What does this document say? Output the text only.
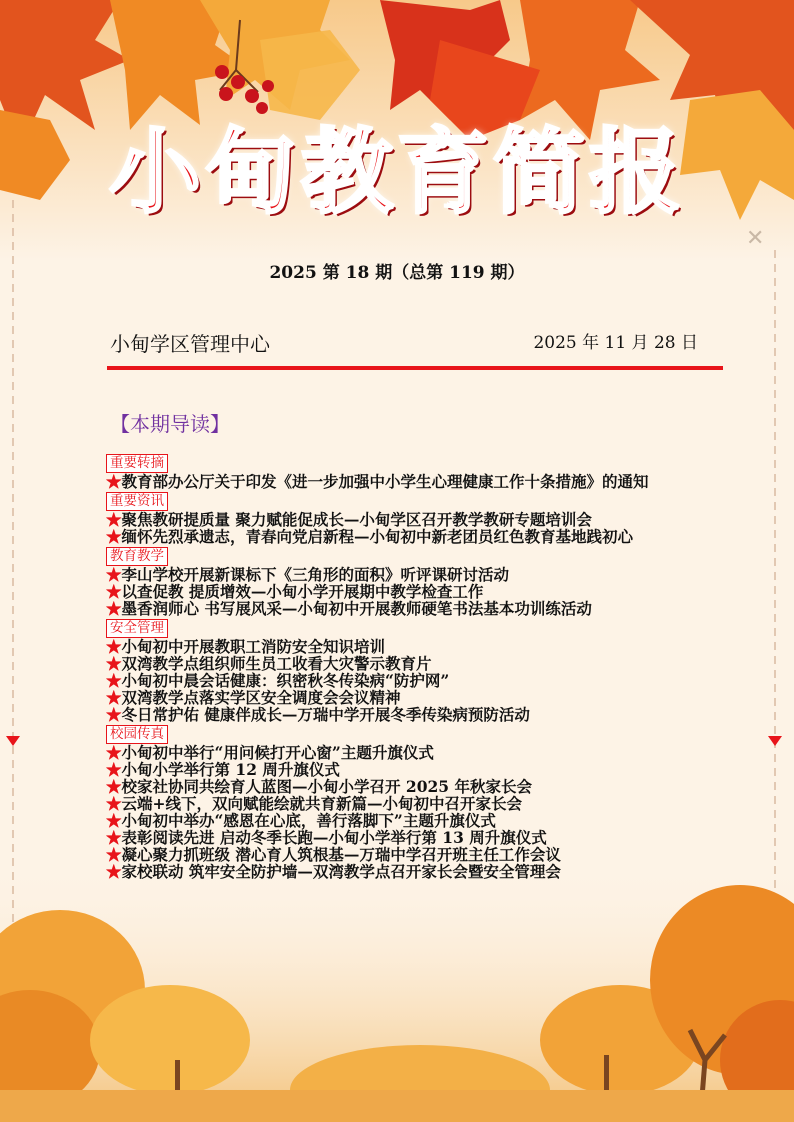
小甸教育简报
✕
2025 第 18 期（总第 119 期）
小甸学区管理中心	2025 年 11 月 28 日
【本期导读】
重要转摘
★教育部办公厅关于印发《进一步加强中小学生心理健康工作十条措施》的通知
重要资讯
★聚焦教研提质量 聚力赋能促成长—小甸学区召开教学教研专题培训会
★缅怀先烈承遗志，青春向党启新程—小甸初中新老团员红色教育基地践初心
教育教学
★李山学校开展新课标下《三角形的面积》听评课研讨活动
★以查促教 提质增效—小甸小学开展期中教学检查工作
★墨香润师心 书写展风采—小甸初中开展教师硬笔书法基本功训练活动
安全管理
★小甸初中开展教职工消防安全知识培训
★双湾教学点组织师生员工收看大灾警示教育片
★小甸初中晨会话健康：织密秋冬传染病“防护网”
★双湾教学点落实学区安全调度会会议精神
★冬日常护佑 健康伴成长—万瑞中学开展冬季传染病预防活动
校园传真
★小甸初中举行“用问候打开心窗”主题升旗仪式
★小甸小学举行第 12 周升旗仪式
★校家社协同共绘育人蓝图—小甸小学召开 2025 年秋家长会
★云端+线下，双向赋能绘就共育新篇—小甸初中召开家长会
★小甸初中举办“感恩在心底，善行落脚下”主题升旗仪式
★表彰阅读先进 启动冬季长跑—小甸小学举行第 13 周升旗仪式
★凝心聚力抓班级 潜心育人筑根基—万瑞中学召开班主任工作会议
★家校联动 筑牢安全防护墙—双湾教学点召开家长会暨安全管理会
